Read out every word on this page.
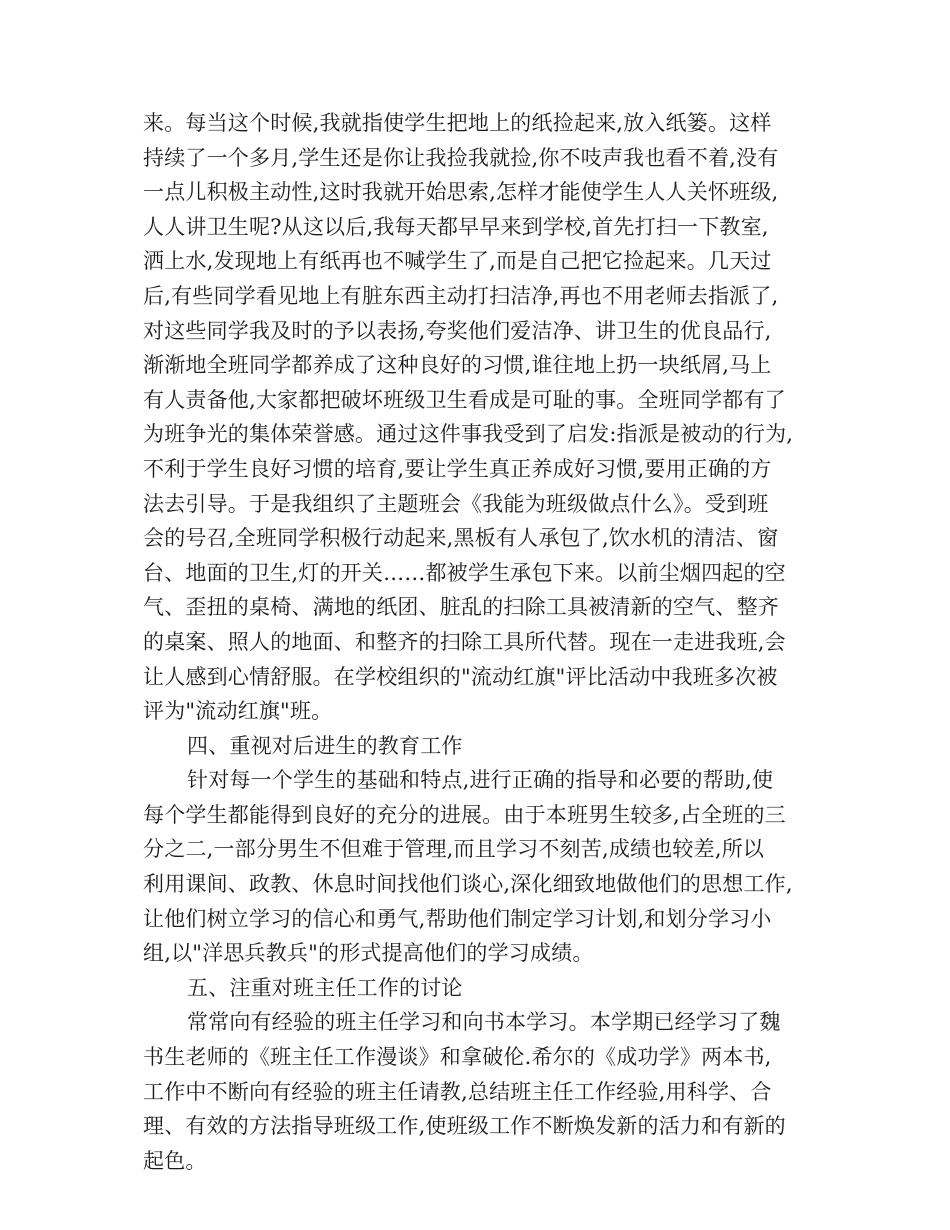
来。每当这个时候,我就指使学生把地上的纸捡起来,放入纸篓。这样
持续了一个多月,学生还是你让我捡我就捡,你不吱声我也看不着,没有
一点儿积极主动性,这时我就开始思索,怎样才能使学生人人关怀班级,
人人讲卫生呢?从这以后,我每天都早早来到学校,首先打扫一下教室,
洒上水,发现地上有纸再也不喊学生了,而是自己把它捡起来。几天过
后,有些同学看见地上有脏东西主动打扫洁净,再也不用老师去指派了,
对这些同学我及时的予以表扬,夸奖他们爱洁净、讲卫生的优良品行,
渐渐地全班同学都养成了这种良好的习惯,谁往地上扔一块纸屑,马上
有人责备他,大家都把破坏班级卫生看成是可耻的事。全班同学都有了
为班争光的集体荣誉感。通过这件事我受到了启发:指派是被动的行为,
不利于学生良好习惯的培育,要让学生真正养成好习惯,要用正确的方
法去引导。于是我组织了主题班会《我能为班级做点什么》。受到班
会的号召,全班同学积极行动起来,黑板有人承包了,饮水机的清洁、窗
台、地面的卫生,灯的开关……都被学生承包下来。以前尘烟四起的空
气、歪扭的桌椅、满地的纸团、脏乱的扫除工具被清新的空气、整齐
的桌案、照人的地面、和整齐的扫除工具所代替。现在一走进我班,会
让人感到心情舒服。在学校组织的"流动红旗"评比活动中我班多次被
评为"流动红旗"班。
四、重视对后进生的教育工作
针对每一个学生的基础和特点,进行正确的指导和必要的帮助,使
每个学生都能得到良好的充分的进展。由于本班男生较多,占全班的三
分之二,一部分男生不但难于管理,而且学习不刻苦,成绩也较差,所以
利用课间、政教、休息时间找他们谈心,深化细致地做他们的思想工作,
让他们树立学习的信心和勇气,帮助他们制定学习计划,和划分学习小
组,以"洋思兵教兵"的形式提高他们的学习成绩。
五、注重对班主任工作的讨论
常常向有经验的班主任学习和向书本学习。本学期已经学习了魏
书生老师的《班主任工作漫谈》和拿破伦.希尔的《成功学》两本书,
工作中不断向有经验的班主任请教,总结班主任工作经验,用科学、合
理、有效的方法指导班级工作,使班级工作不断焕发新的活力和有新的
起色。
